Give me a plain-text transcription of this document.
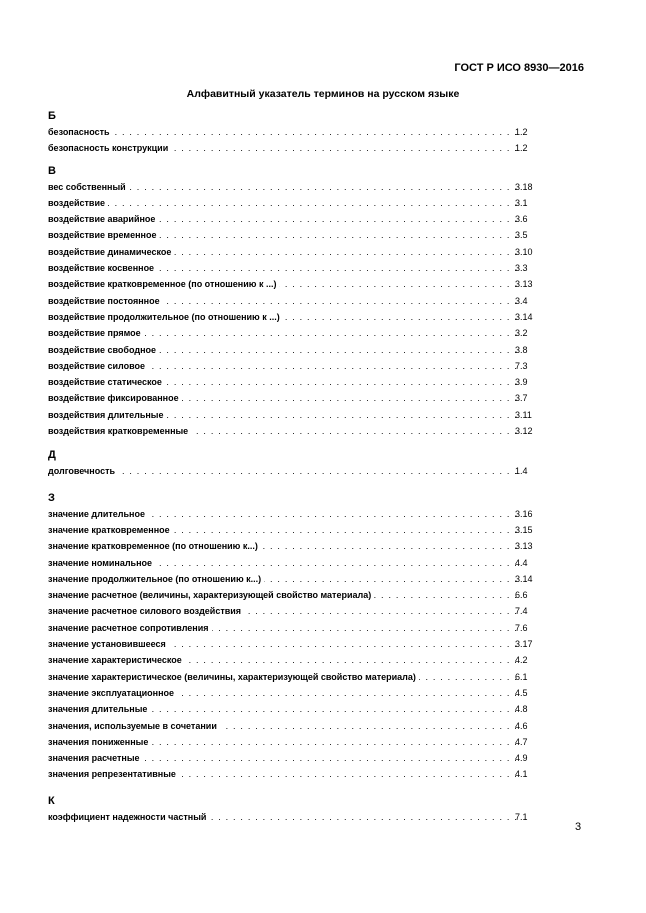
ГОСТ Р ИСО 8930—2016
Алфавитный указатель терминов на русском языке
Б
. . .
безопасность	1.2
. . .
безопасность конструкции	1.2
В
. . .
вес собственный	3.18
. . .
воздействие	3.1
. . .
воздействие аварийное	3.6
. . .
воздействие временное	3.5
. . .
воздействие динамическое	3.10
. . .
воздействие косвенное	3.3
. . .
воздействие кратковременное (по отношению к ...)	3.13
. . .
воздействие постоянное	3.4
. . .
воздействие продолжительное (по отношению к ...)	3.14
. . .
воздействие прямое	3.2
. . .
воздействие свободное	3.8
. . .
воздействие силовое	7.3
. . .
воздействие статическое	3.9
. . .
воздействие фиксированное	3.7
. . .
воздействия длительные	3.11
. . .
воздействия кратковременные	3.12
Д
. . .
долговечность	1.4
З
. . .
значение длительное	3.16
. . .
значение кратковременное	3.15
. . .
значение кратковременное (по отношению к...)	3.13
. . .
значение номинальное	4.4
. . .
значение продолжительное (по отношению к...)	3.14
. . .
значение расчетное (величины, характеризующей свойство материала)	6.6
. . .
значение расчетное силового воздействия	7.4
. . .
значение расчетное сопротивления	7.6
. . .
значение установившееся	3.17
. . .
значение характеристическое	4.2
. . .
значение характеристическое (величины, характеризующей свойство материала)	6.1
. . .
значение эксплуатационное	4.5
. . .
значения длительные	4.8
. . .
значения, используемые в сочетании	4.6
. . .
значения пониженные	4.7
. . .
значения расчетные	4.9
. . .
значения репрезентативные	4.1
К
. . .
коэффициент надежности частный	7.1
3
